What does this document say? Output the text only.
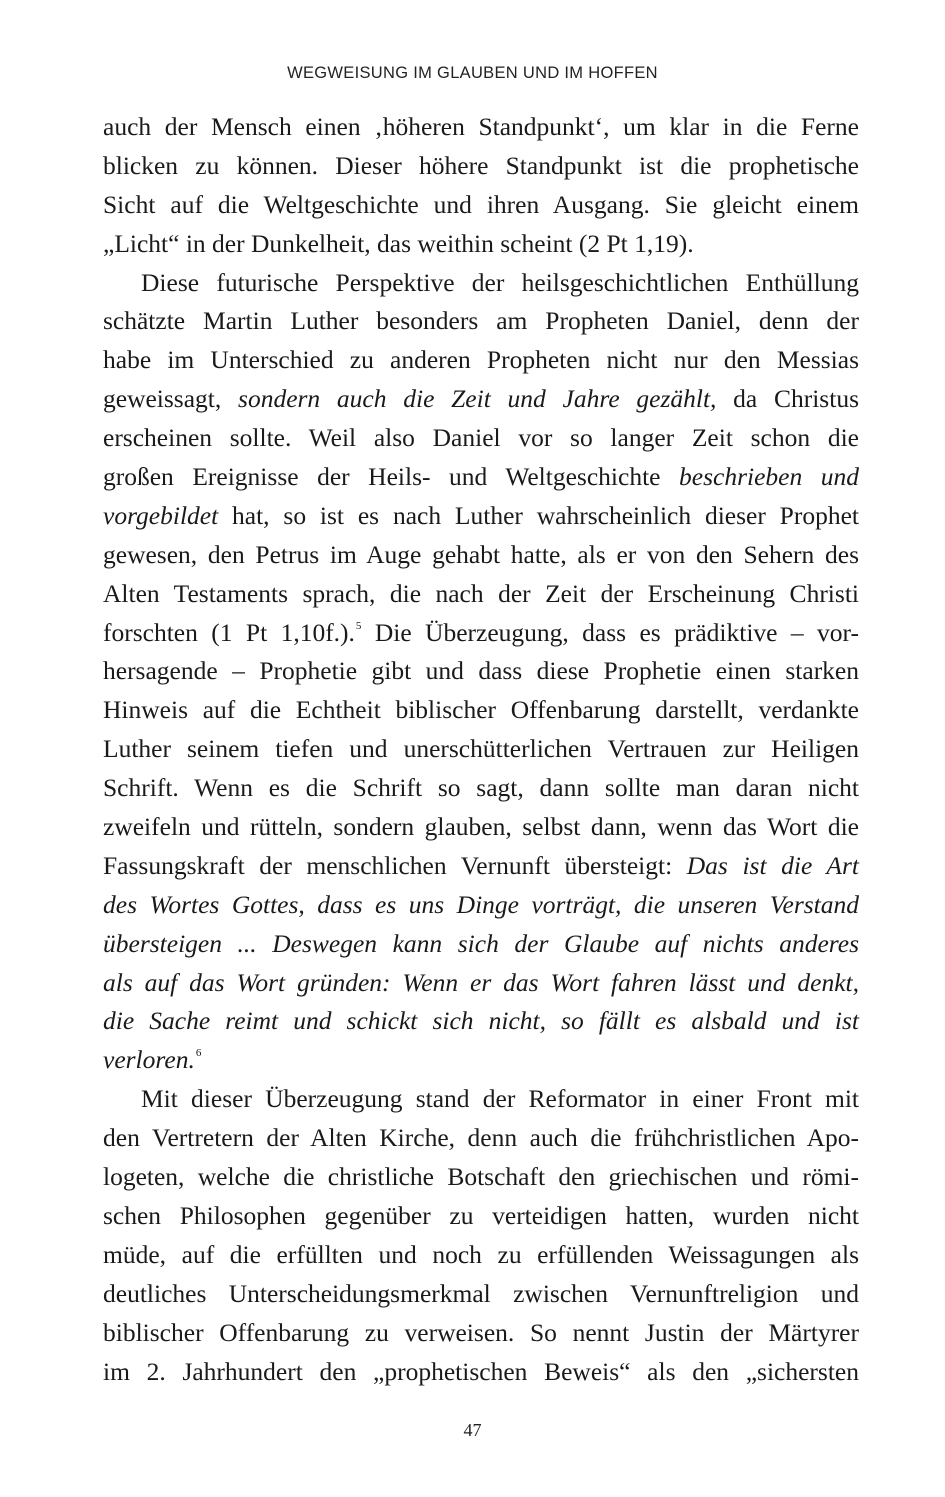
WEGWEISUNG IM GLAUBEN UND IM HOFFEN
auch der Mensch einen ‚höheren Standpunkt‘, um klar in die Ferne
blicken zu können. Dieser höhere Standpunkt ist die prophetische
Sicht auf die Weltgeschichte und ihren Ausgang. Sie gleicht einem
„Licht“ in der Dunkelheit, das weithin scheint (2 Pt 1,19).
Diese futurische Perspektive der heilsgeschichtlichen Enthüllung
schätzte Martin Luther besonders am Propheten Daniel, denn der
habe im Unterschied zu anderen Propheten nicht nur den Messias
geweissagt, sondern auch die Zeit und Jahre gezählt, da Christus
erscheinen sollte. Weil also Daniel vor so langer Zeit schon die
großen Ereignisse der Heils- und Weltgeschichte beschrieben und
vorgebildet hat, so ist es nach Luther wahrscheinlich dieser Prophet
gewesen, den Petrus im Auge gehabt hatte, als er von den Sehern des
Alten Testaments sprach, die nach der Zeit der Erscheinung Christi
forschten (1 Pt 1,10f.).$^5$ Die Überzeugung, dass es prädiktive – vor-
hersagende – Prophetie gibt und dass diese Prophetie einen starken
Hinweis auf die Echtheit biblischer Offenbarung darstellt, verdankte
Luther seinem tiefen und unerschütterlichen Vertrauen zur Heiligen
Schrift. Wenn es die Schrift so sagt, dann sollte man daran nicht
zweifeln und rütteln, sondern glauben, selbst dann, wenn das Wort die
Fassungskraft der menschlichen Vernunft übersteigt: Das ist die Art
des Wortes Gottes, dass es uns Dinge vorträgt, die unseren Verstand
übersteigen ... Deswegen kann sich der Glaube auf nichts anderes
als auf das Wort gründen: Wenn er das Wort fahren lässt und denkt,
die Sache reimt und schickt sich nicht, so fällt es alsbald und ist
verloren.$^6$
Mit dieser Überzeugung stand der Reformator in einer Front mit
den Vertretern der Alten Kirche, denn auch die frühchristlichen Apo-
logeten, welche die christliche Botschaft den griechischen und römi-
schen Philosophen gegenüber zu verteidigen hatten, wurden nicht
müde, auf die erfüllten und noch zu erfüllenden Weissagungen als
deutliches Unterscheidungsmerkmal zwischen Vernunftreligion und
biblischer Offenbarung zu verweisen. So nennt Justin der Märtyrer
im 2. Jahrhundert den „prophetischen Beweis“ als den „sichersten
47
